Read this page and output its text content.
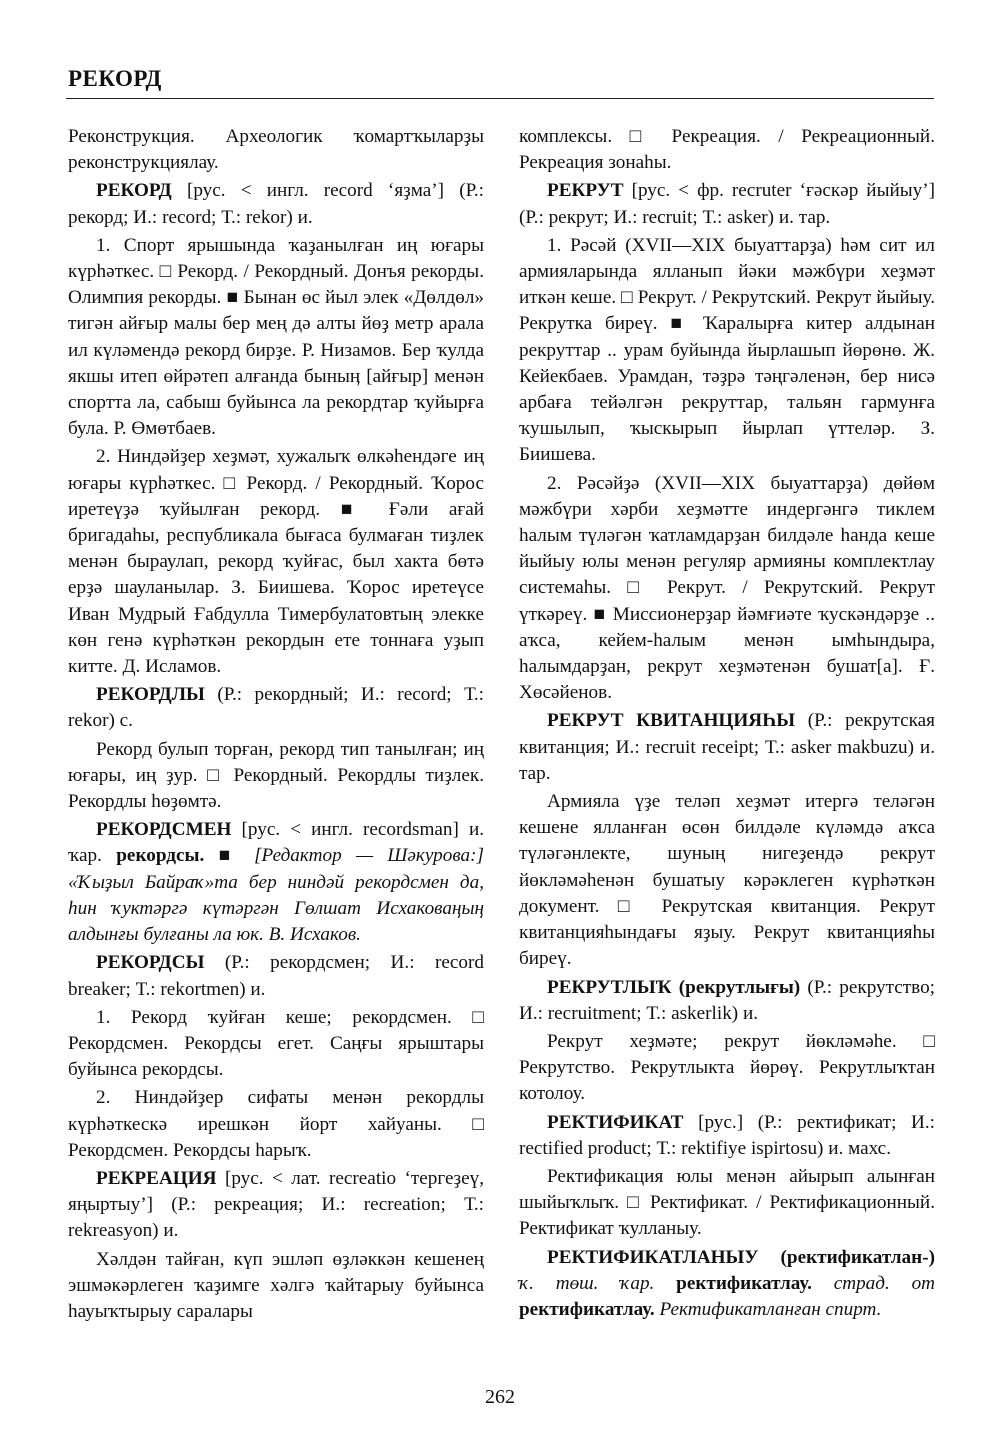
РЕКОРД

Реконструкция. Археологик ҡомартҡыларҙы реконструкциялау.

РЕКОРД [рус. < ингл. record ‘яҙма’] (Р.: рекорд; И.: record; Т.: rekor) и.

1. Спорт ярышында ҡаҙанылған иң юғары күрһәткес. □ Рекорд. / Рекордный. Донъя рекорды. Олимпия рекорды. ■ Бынан өс йыл элек «Дөлдөл» тигән айғыр малы бер мең дә алты йөҙ метр арала ил күләмендә рекорд бирҙе. Р. Низамов. Бер ҡулда якшы итеп өйрәтеп алғанда быныӊ [айғыр] менән спортта ла, сабыш буйынса ла рекордтар ҡуйырға була. Р. Өмөтбаев.

2. Ниндәйҙер хеҙмәт, хужалыҡ өлкәһендәге иң юғары күрһәткес. □ Рекорд. / Рекордный. Ҡорос иретеүҙә ҡуйылған рекорд. ■ Ғәли ағай бригадаһы, республикала бығаса булмаған тиҙлек менән быраулап, рекорд ҡуйғас, был хакта бөтә ерҙә шауланылар. З. Биишева. Ҡорос иретеүсе Иван Мудрый Ғабдулла Тимербулатовтың элекке көн генә күрһәткән рекордын ете тоннаға уҙып китте. Д. Исламов.

РЕКОРДЛЫ (Р.: рекордный; И.: record; Т.: rekor) с.

Рекорд булып торған, рекорд тип танылған; иң юғары, иң ҙур. □ Рекордный. Рекордлы тиҙлек. Рекордлы һөҙөмтә.

РЕКОРДСМЕН [рус. < ингл. recordsman] и. ҡар. рекордсы. ■ [Редактор — Шәкурова:] «Ҡыҙыл Байраҡ»та бер ниндәй рекордсмен да, һин ҡуктәргә күтәргән Гөлшат Исхаковаӊың алдынғы булғаны ла юк. В. Исхаков.

РЕКОРДСЫ (Р.: рекордсмен; И.: record breaker; Т.: rekortmen) и.

1. Рекорд ҡуйған кеше; рекордсмен. □ Рекордсмен. Рекордсы егет. Саңғы ярыштары буйынса рекордсы.

2. Ниндәйҙер сифаты менән рекордлы күрһәткескә ирешкән йорт хайуаны. □ Рекордсмен. Рекордсы һарыҡ.

РЕКРЕАЦИЯ [рус. < лат. recreatio ‘тергеҙеү, яңыртыу’] (Р.: рекреация; И.: recreation; Т.: rekreasyon) и.

Хәлдән тайған, күп эшләп өҙләккән кешенең эшмәкәрлеген ҡаҙимге хәлгә ҡайтарыу буйынса һауыҡтырыу саралары

комплексы. □ Рекреация. / Рекреационный. Рекреация зонаһы.

РЕКРУТ [рус. < фр. recruter ‘ғәскәр йыйыу’] (Р.: рекрут; И.: recruit; Т.: asker) и. тар.

1. Рәсәй (XVII—XIX быуаттарҙа) һәм сит ил армияларында ялланып йәки мәжбүри хеҙмәт иткән кеше. □ Рекрут. / Рекрутский. Рекрут йыйыу. Рекрутка бирeү. ■ Ҡаралырға китер алдынан рекруттар .. урам буйында йырлашып йөрөнө. Ж. Кейекбаев. Урамдан, тәҙрә тәңгәленән, бер нисә арбаға тейәлгән рекруттар, тальян гармунға ҡушылып, ҡыскырып йырлап үттеләр. З. Биишева.

2. Рәсәйҙә (XVII—XIX быуаттарҙа) дөйөм мәжбүри хәрби хеҙмәтте индергәнгә тиклем һалым түләгән ҡатламдарҙан билдәле һанда кеше йыйыу юлы менән регуляр армияны комплектлау системаһы. □ Рекрут. / Рекрутский. Рекрут үткәреү. ■ Миссионерҙар йәмғиәте ҡускәндәрҙе .. аҡса, кейем-һалым менән ымһындыра, һалымдарҙан, рекрут хеҙмәтенән бушат[а]. Ғ. Хөсәйенов.

РЕКРУТ КВИТАНЦИЯҺЫ (Р.: рекрутская квитанция; И.: recruit receipt; Т.: asker makbuzu) и. тар.

Армияла үҙе теләп хеҙмәт итергә теләгән кешене ялланған өсөн билдәле күләмдә аҡса түләгәнлекте, шуның нигеҙендә рекрут йөкләмәһенән бушатыу кәрәклеген күрһәткән документ. □ Рекрутская квитанция. Рекрут квитанцияһындағы яҙыу. Рекрут квитанцияһы бирeү.

РЕКРУТЛЫҠ (рекрутлығы) (Р.: рекрутство; И.: recruitment; Т.: askerlik) и.

Рекрут хеҙмәте; рекрут йөкләмәһе. □ Рекрутство. Рекрутлыкта йөрөү. Рекрутлыҡтан котолоу.

РЕКТИФИКАТ [рус.] (Р.: ректификат; И.: rectified product; Т.: rektifiye ispirtosu) и. махс.

Ректификация юлы менән айырып алынған шыйыҡлыҡ. □ Ректификат. / Ректификационный. Ректификат ҡулланыу.

РЕКТИФИКАТЛАНЫУ (ректификатлан-) ҡ. төш. ҡар. ректификатлау. страд. от ректификатлау. Ректификатланған спирт.

262
